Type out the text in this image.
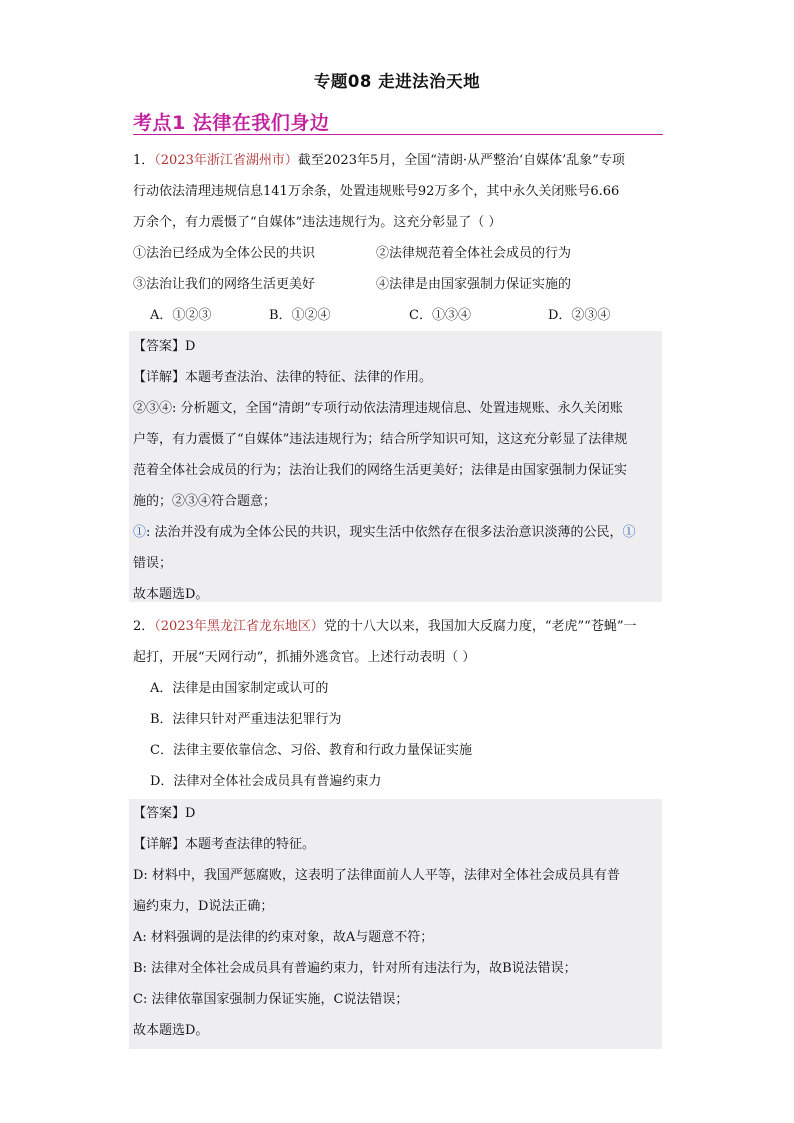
专题08 走进法治天地
考点1 法律在我们身边
1．（2023年浙江省湖州市）截至2023年5月，全国“清朗·从严整治‘自媒体’乱象”专项
行动依法清理违规信息141万余条，处置违规账号92万多个，其中永久关闭账号6.66
万余个，有力震慑了“自媒体”违法违规行为。这充分彰显了（ ）
①法治已经成为全体公民的共识	②法律规范着全体社会成员的行为
③法治让我们的网络生活更美好	④法律是由国家强制力保证实施的
A．①②③	B．①②④	C．①③④	D．②③④
【答案】D
【详解】本题考查法治、法律的特征、法律的作用。
②③④: 分析题文，全国“清朗”专项行动依法清理违规信息、处置违规账、永久关闭账
户等，有力震慑了“自媒体”违法违规行为；结合所学知识可知，这这充分彰显了法律规
范着全体社会成员的行为；法治让我们的网络生活更美好；法律是由国家强制力保证实
施的；②③④符合题意；
①: 法治并没有成为全体公民的共识，现实生活中依然存在很多法治意识淡薄的公民，①
错误；
故本题选D。
2．（2023年黑龙江省龙东地区）党的十八大以来，我国加大反腐力度，“老虎”“苍蝇”一
起打，开展“天网行动”，抓捕外逃贪官。上述行动表明（ ）
A．法律是由国家制定或认可的
B．法律只针对严重违法犯罪行为
C．法律主要依靠信念、习俗、教育和行政力量保证实施
D．法律对全体社会成员具有普遍约束力
【答案】D
【详解】本题考查法律的特征。
D: 材料中，我国严惩腐败，这表明了法律面前人人平等，法律对全体社会成员具有普
遍约束力，D说法正确；
A: 材料强调的是法律的约束对象，故A与题意不符；
B: 法律对全体社会成员具有普遍约束力，针对所有违法行为，故B说法错误；
C: 法律依靠国家强制力保证实施，C说法错误；
故本题选D。
